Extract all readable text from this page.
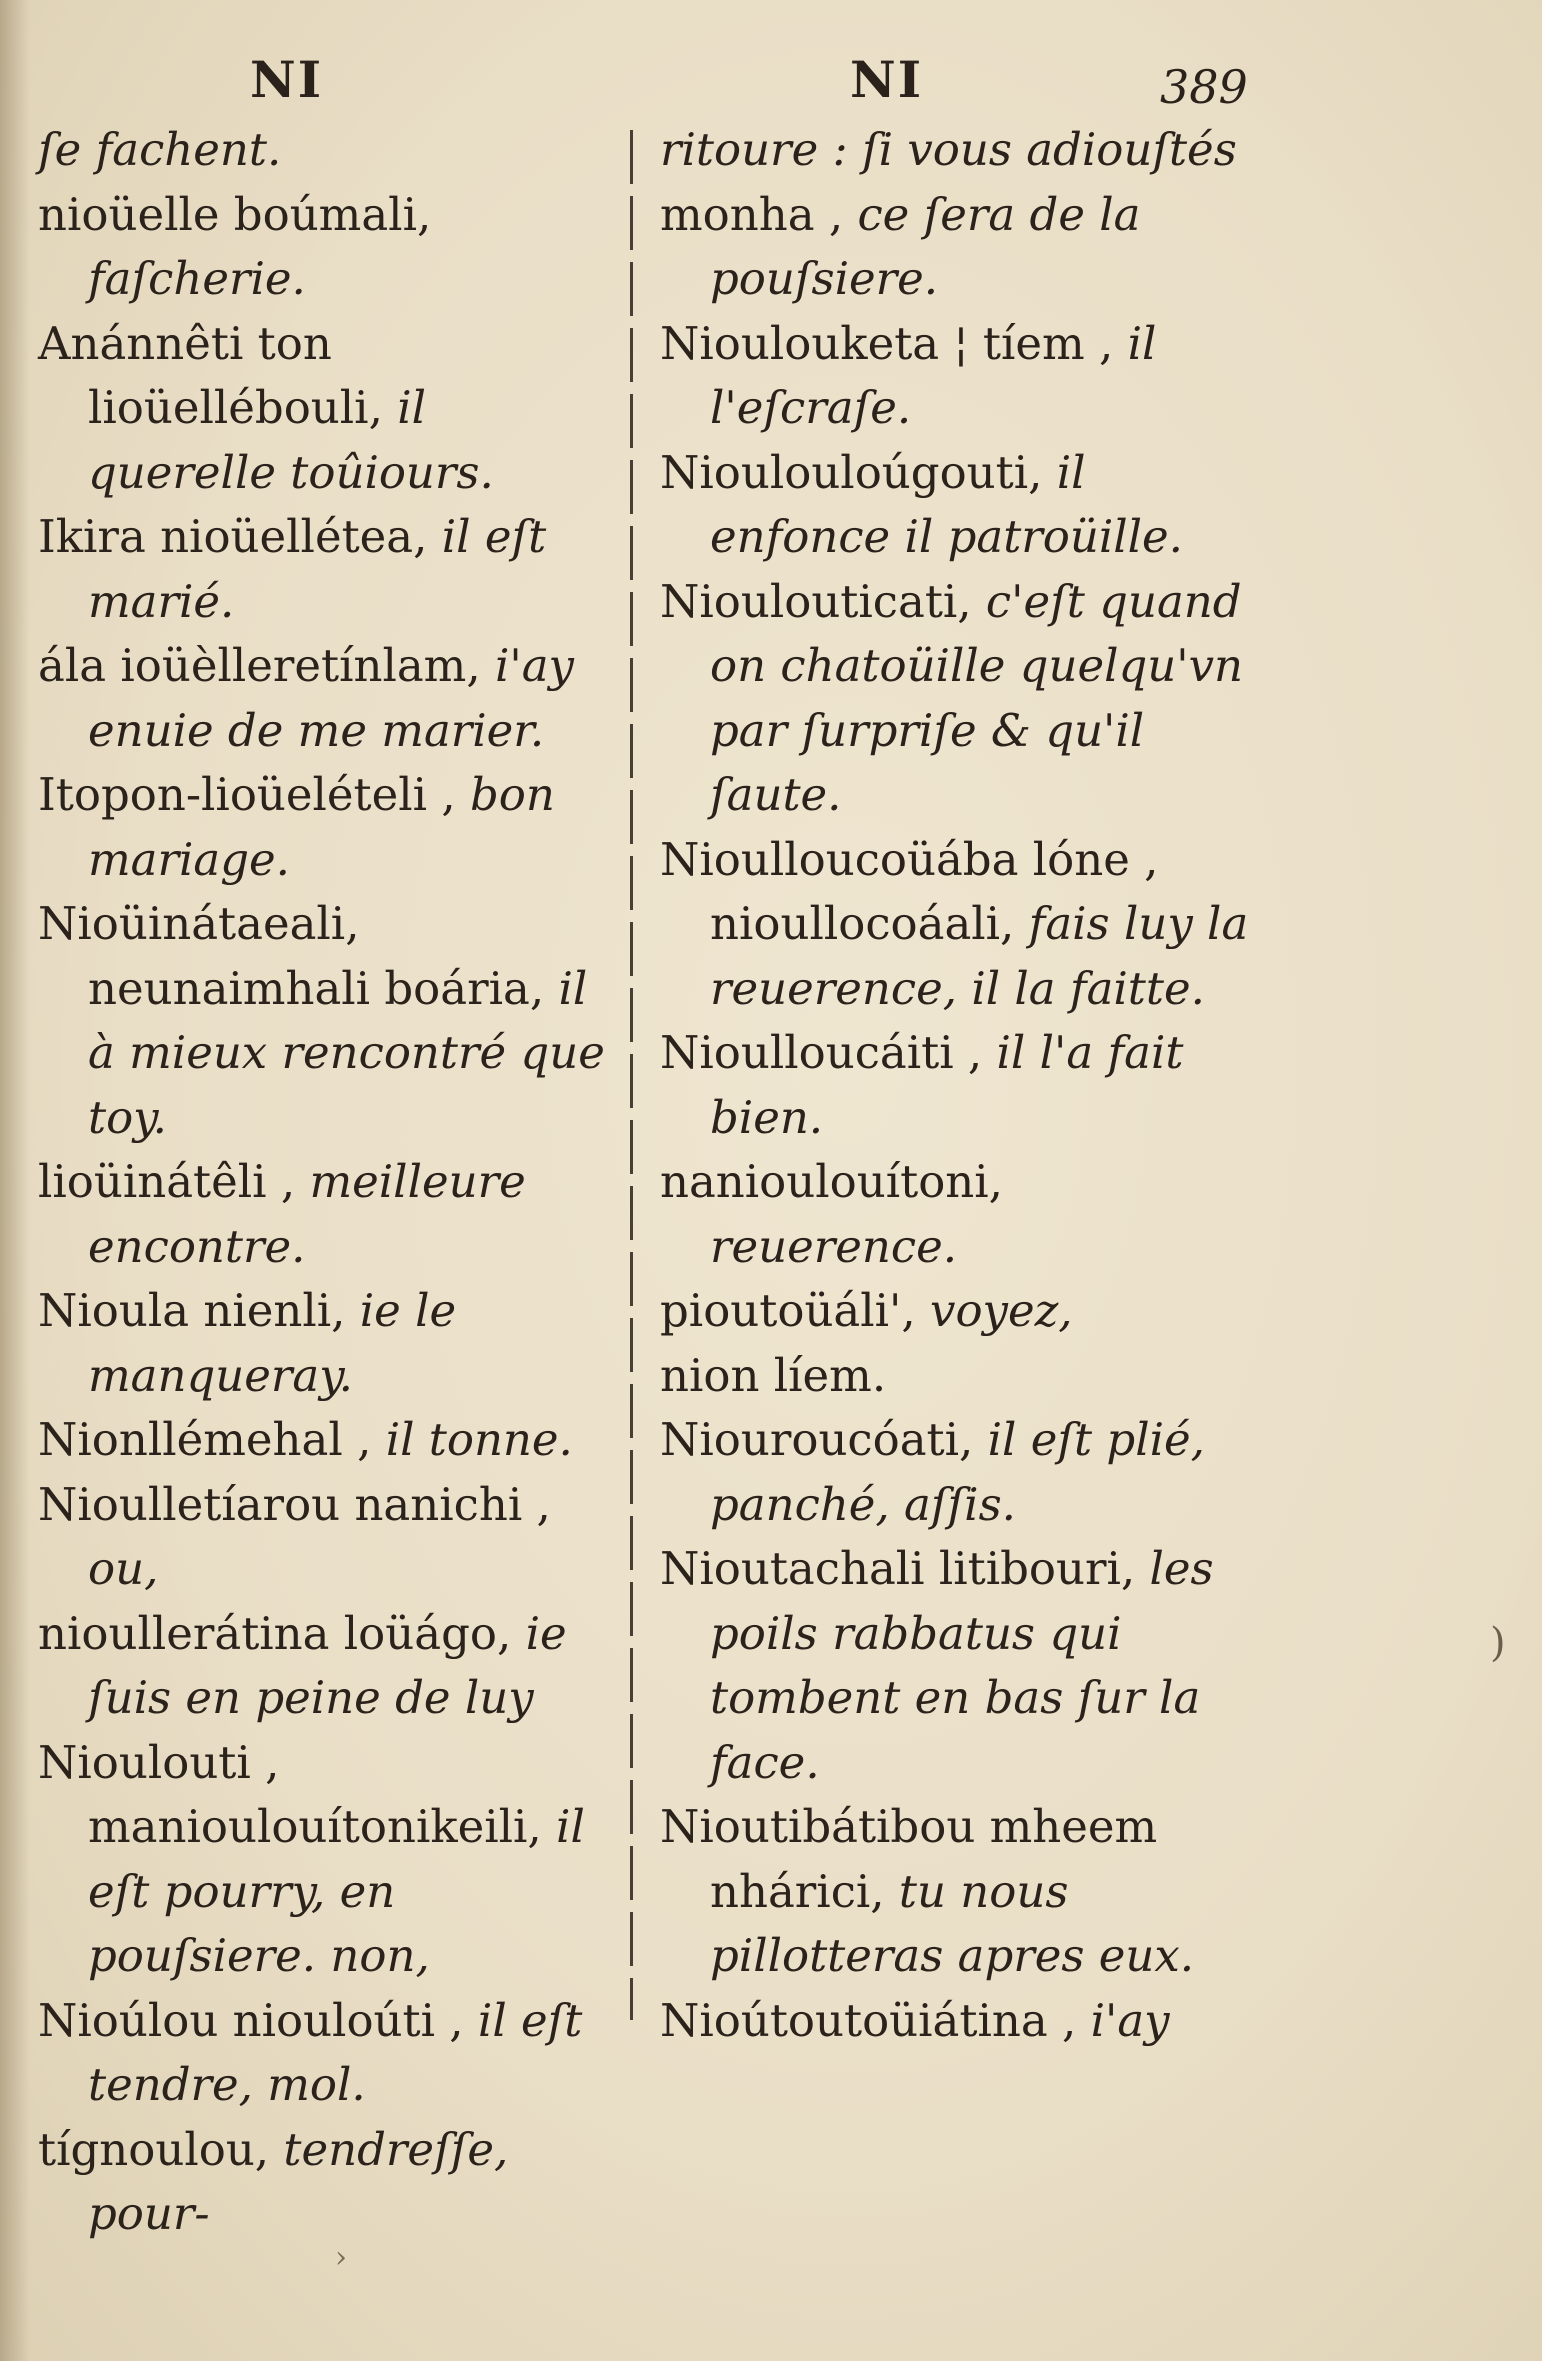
NI	NI	389
ſe fachent.
nioüelle boúmali, faſcherie.
Anánnêti ton lioüellébouli, il querelle toûiours.
Ikira nioüellétea, il eſt marié.
ála ioüèlleretínlam, i'ay enuie de me marier.
Itopon-lioüelételi , bon mariage.
Nioüinátaeali, neunaimhali boária, il à mieux rencontré que toy.
lioüinátêli , meilleure encontre.
Nioula nienli, ie le manqueray.
Nionllémehal , il tonne.
Nioulletíarou nanichi , ou,
nioullerátina loüágo, ie ſuis en peine de luy
Nioulouti , manioulouítonikeili, il eſt pourry, en pouſsiere. non,
Nioúlou niouloúti , il eſt tendre, mol.
tígnoulou, tendreſſe, pour-
ritoure : ſi vous adiouſtés
monha , ce ſera de la pouſsiere.
Nioulouketa ¦ tíem , il l'eſcraſe.
Nioulouloúgouti, il enfonce il patroüille.
Nioulouticati, c'eſt quand on chatoüille quelqu'vn par ſurpriſe & qu'il ſaute.
Nioulloucoüába lóne , nioullocoáali, fais luy la reuerence, il la faitte.
Nioulloucáiti , il l'a fait bien.
nanioulouítoni, reuerence.
pioutoüáli', voyez,
nion líem.
Niouroucóati, il eſt plié, panché, aſſis.
Nioutachali litibouri, les poils rabbatus qui tombent en bas ſur la face.
Nioutibátibou mheem nhárici, tu nous pillotteras apres eux.
Nioútoutoüiátina , i'ay
)
›
